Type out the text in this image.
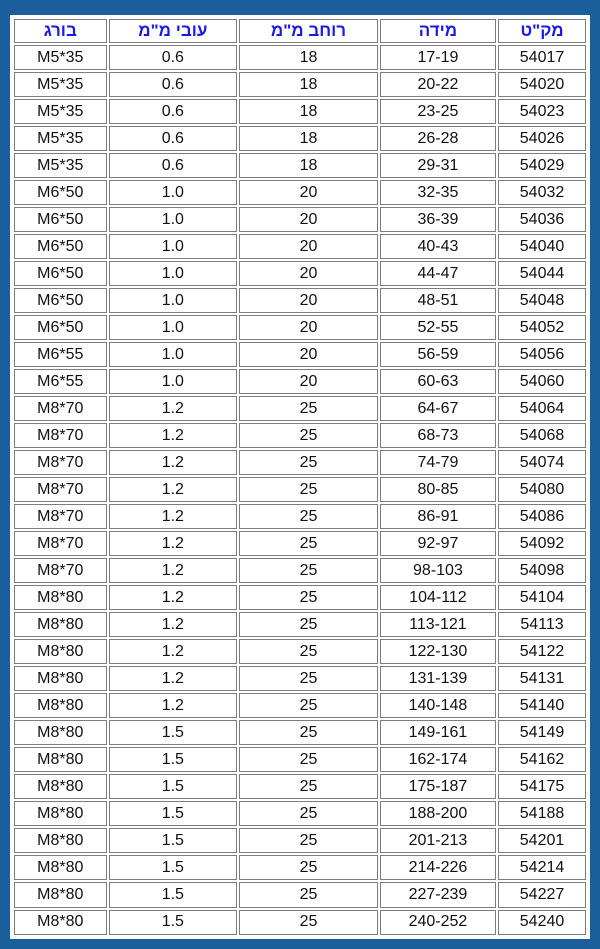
מק"ט	מידה	רוחב מ"מ	עובי מ"מ	בורג
54017	17-19	18	0.6	M5*35
54020	20-22	18	0.6	M5*35
54023	23-25	18	0.6	M5*35
54026	26-28	18	0.6	M5*35
54029	29-31	18	0.6	M5*35
54032	32-35	20	1.0	M6*50
54036	36-39	20	1.0	M6*50
54040	40-43	20	1.0	M6*50
54044	44-47	20	1.0	M6*50
54048	48-51	20	1.0	M6*50
54052	52-55	20	1.0	M6*50
54056	56-59	20	1.0	M6*55
54060	60-63	20	1.0	M6*55
54064	64-67	25	1.2	M8*70
54068	68-73	25	1.2	M8*70
54074	74-79	25	1.2	M8*70
54080	80-85	25	1.2	M8*70
54086	86-91	25	1.2	M8*70
54092	92-97	25	1.2	M8*70
54098	98-103	25	1.2	M8*70
54104	104-112	25	1.2	M8*80
54113	113-121	25	1.2	M8*80
54122	122-130	25	1.2	M8*80
54131	131-139	25	1.2	M8*80
54140	140-148	25	1.2	M8*80
54149	149-161	25	1.5	M8*80
54162	162-174	25	1.5	M8*80
54175	175-187	25	1.5	M8*80
54188	188-200	25	1.5	M8*80
54201	201-213	25	1.5	M8*80
54214	214-226	25	1.5	M8*80
54227	227-239	25	1.5	M8*80
54240	240-252	25	1.5	M8*80
